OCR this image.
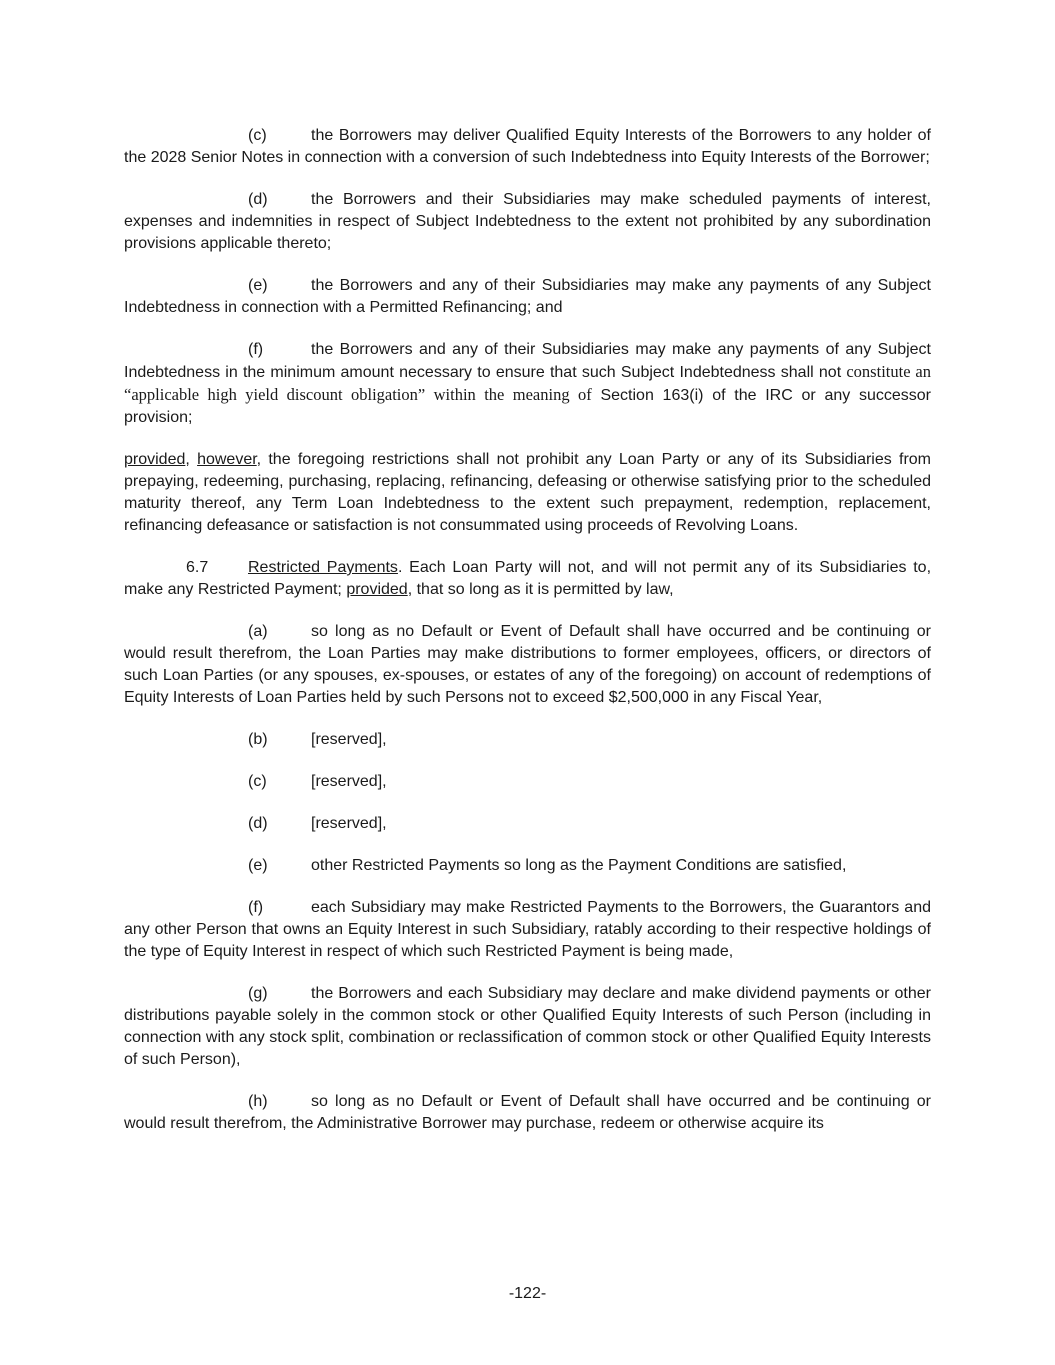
(c)	the Borrowers may deliver Qualified Equity Interests of the Borrowers to any holder of the 2028 Senior Notes in connection with a conversion of such Indebtedness into Equity Interests of the Borrower;

(d)	the Borrowers and their Subsidiaries may make scheduled payments of interest, expenses and indemnities in respect of Subject Indebtedness to the extent not prohibited by any subordination provisions applicable thereto;

(e)	the Borrowers and any of their Subsidiaries may make any payments of any Subject Indebtedness in connection with a Permitted Refinancing; and

(f)	the Borrowers and any of their Subsidiaries may make any payments of any Subject Indebtedness in the minimum amount necessary to ensure that such Subject Indebtedness shall not constitute an “applicable high yield discount obligation” within the meaning of Section 163(i) of the IRC or any successor provision;

provided, however, the foregoing restrictions shall not prohibit any Loan Party or any of its Subsidiaries from prepaying, redeeming, purchasing, replacing, refinancing, defeasing or otherwise satisfying prior to the scheduled maturity thereof, any Term Loan Indebtedness to the extent such prepayment, redemption, replacement, refinancing defeasance or satisfaction is not consummated using proceeds of Revolving Loans.

6.7 Restricted Payments. Each Loan Party will not, and will not permit any of its Subsidiaries to, make any Restricted Payment; provided, that so long as it is permitted by law,

(a)	so long as no Default or Event of Default shall have occurred and be continuing or would result therefrom, the Loan Parties may make distributions to former employees, officers, or directors of such Loan Parties (or any spouses, ex-spouses, or estates of any of the foregoing) on account of redemptions of Equity Interests of Loan Parties held by such Persons not to exceed $2,500,000 in any Fiscal Year,

(b)	[reserved],

(c)	[reserved],

(d)	[reserved],

(e)	other Restricted Payments so long as the Payment Conditions are satisfied,

(f)	each Subsidiary may make Restricted Payments to the Borrowers, the Guarantors and any other Person that owns an Equity Interest in such Subsidiary, ratably according to their respective holdings of the type of Equity Interest in respect of which such Restricted Payment is being made,

(g)	the Borrowers and each Subsidiary may declare and make dividend payments or other distributions payable solely in the common stock or other Qualified Equity Interests of such Person (including in connection with any stock split, combination or reclassification of common stock or other Qualified Equity Interests of such Person),

(h)	so long as no Default or Event of Default shall have occurred and be continuing or would result therefrom, the Administrative Borrower may purchase, redeem or otherwise acquire its

-122-
